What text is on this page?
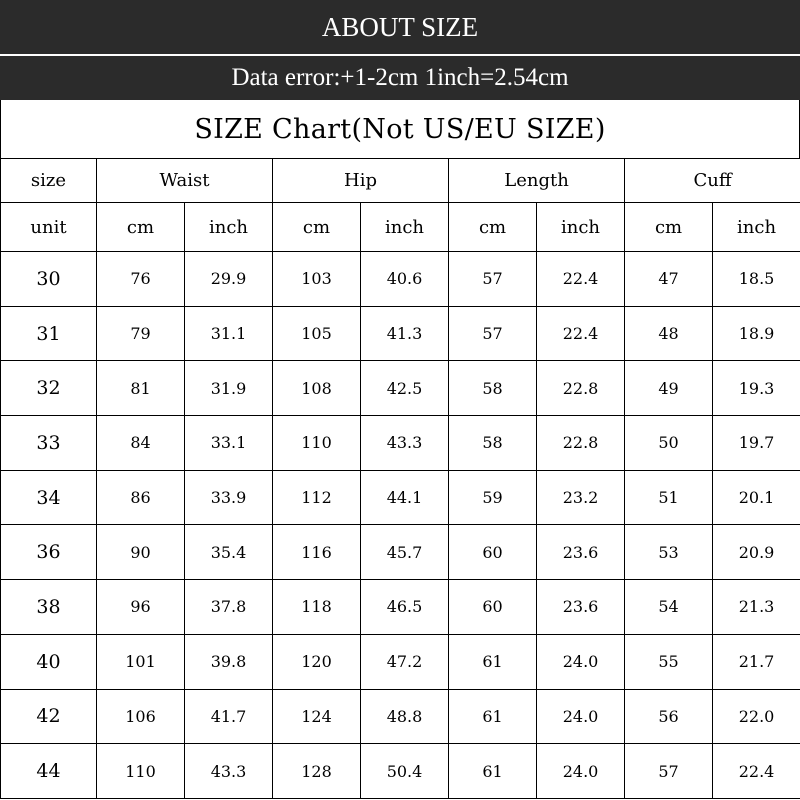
ABOUT SIZE
Data error:+1-2cm 1inch=2.54cm
SIZE Chart(Not US/EU SIZE)
size	Waist		Hip		Length		Cuff	
unit	cm	inch	cm	inch	cm	inch	cm	inch
30	76	29.9	103	40.6	57	22.4	47	18.5
31	79	31.1	105	41.3	57	22.4	48	18.9
32	81	31.9	108	42.5	58	22.8	49	19.3
33	84	33.1	110	43.3	58	22.8	50	19.7
34	86	33.9	112	44.1	59	23.2	51	20.1
36	90	35.4	116	45.7	60	23.6	53	20.9
38	96	37.8	118	46.5	60	23.6	54	21.3
40	101	39.8	120	47.2	61	24.0	55	21.7
42	106	41.7	124	48.8	61	24.0	56	22.0
44	110	43.3	128	50.4	61	24.0	57	22.4
